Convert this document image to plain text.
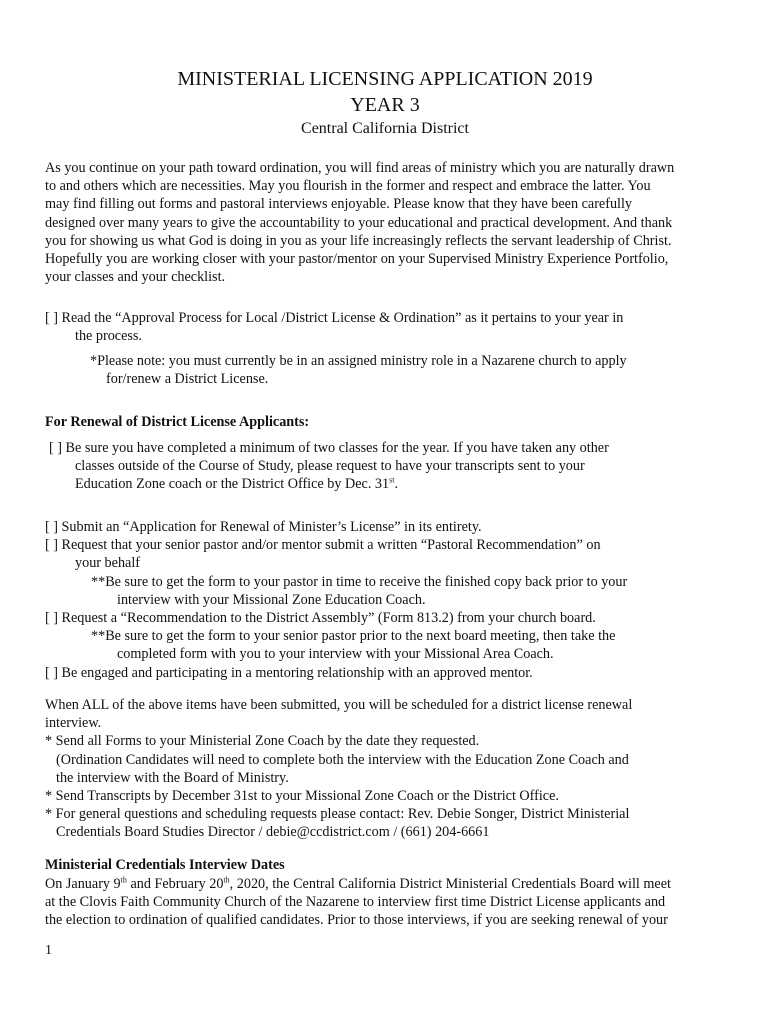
MINISTERIAL LICENSING APPLICATION 2019
YEAR 3
Central California District
As you continue on your path toward ordination, you will find areas of ministry which you are naturally drawn
to and others which are necessities. May you flourish in the former and respect and embrace the latter. You
may find filling out forms and pastoral interviews enjoyable. Please know that they have been carefully
designed over many years to give the accountability to your educational and practical development. And thank
you for showing us what God is doing in you as your life increasingly reflects the servant leadership of Christ.
Hopefully you are working closer with your pastor/mentor on your Supervised Ministry Experience Portfolio,
your classes and your checklist.
[ ] Read the “Approval Process for Local /District License & Ordination” as it pertains to your year in
the process.
*Please note: you must currently be in an assigned ministry role in a Nazarene church to apply
for/renew a District License.
For Renewal of District License Applicants:
[ ] Be sure you have completed a minimum of two classes for the year. If you have taken any other
classes outside of the Course of Study, please request to have your transcripts sent to your
Education Zone coach or the District Office by Dec. 31st.
[ ] Submit an “Application for Renewal of Minister’s License” in its entirety.
[ ] Request that your senior pastor and/or mentor submit a written “Pastoral Recommendation” on
your behalf
**Be sure to get the form to your pastor in time to receive the finished copy back prior to your
interview with your Missional Zone Education Coach.
[ ] Request a “Recommendation to the District Assembly” (Form 813.2) from your church board.
**Be sure to get the form to your senior pastor prior to the next board meeting, then take the
completed form with you to your interview with your Missional Area Coach.
[ ] Be engaged and participating in a mentoring relationship with an approved mentor.
When ALL of the above items have been submitted, you will be scheduled for a district license renewal
interview.
* Send all Forms to your Ministerial Zone Coach by the date they requested.
(Ordination Candidates will need to complete both the interview with the Education Zone Coach and
the interview with the Board of Ministry.
* Send Transcripts by December 31st to your Missional Zone Coach or the District Office.
* For general questions and scheduling requests please contact: Rev. Debie Songer, District Ministerial
Credentials Board Studies Director / debie@ccdistrict.com / (661) 204-6661
Ministerial Credentials Interview Dates
On January 9th and February 20th, 2020, the Central California District Ministerial Credentials Board will meet
at the Clovis Faith Community Church of the Nazarene to interview first time District License applicants and
the election to ordination of qualified candidates. Prior to those interviews, if you are seeking renewal of your
1
